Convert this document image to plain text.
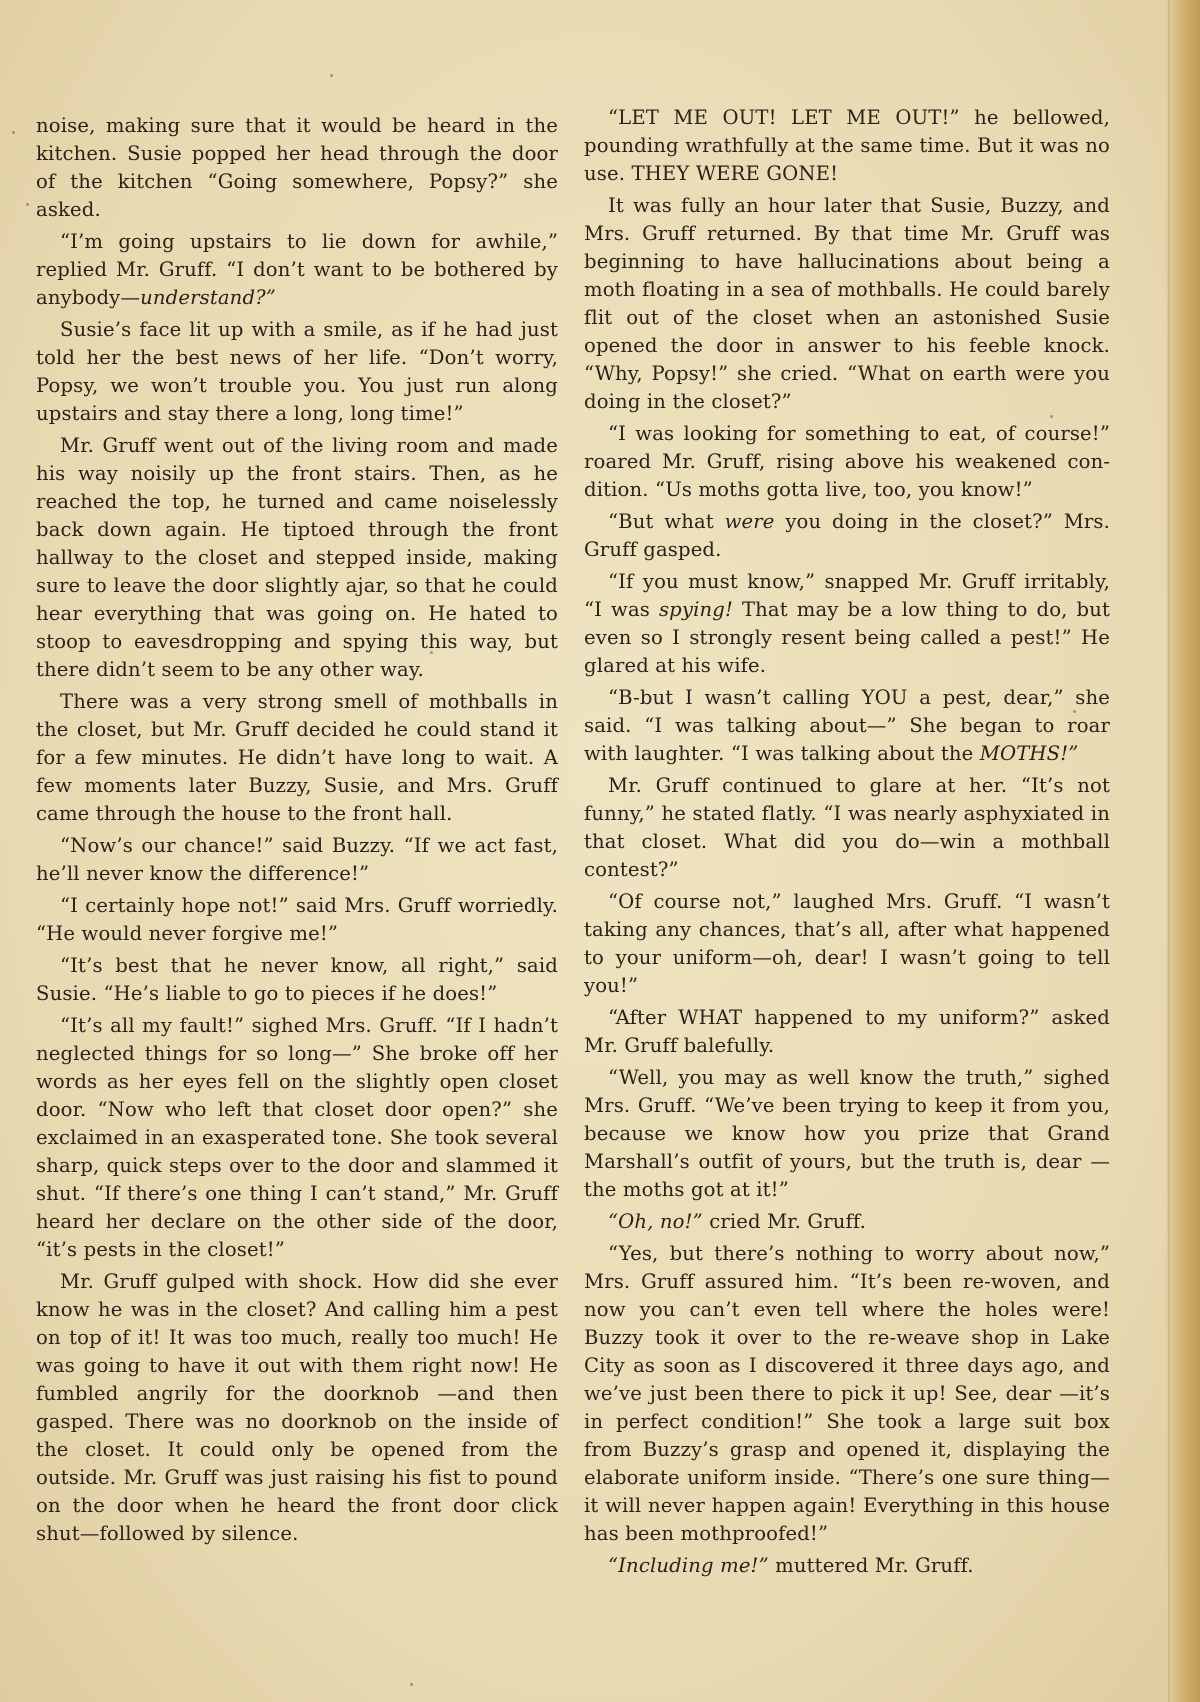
noise, making sure that it would be heard in the kitchen. Susie popped her head through the door of the kitchen “Going somewhere, Popsy?” she asked.

“I’m going upstairs to lie down for awhile,” replied Mr. Gruff. “I don’t want to be bothered by anybody—understand?”

Susie’s face lit up with a smile, as if he had just told her the best news of her life. “Don’t worry, Popsy, we won’t trouble you. You just run along upstairs and stay there a long, long time!”

Mr. Gruff went out of the living room and made his way noisily up the front stairs. Then, as he reached the top, he turned and came noiselessly back down again. He tiptoed through the front hallway to the closet and stepped inside, making sure to leave the door slightly ajar, so that he could hear everything that was going on. He hated to stoop to eavesdropping and spying this way, but there didn’t seem to be any other way.

There was a very strong smell of mothballs in the closet, but Mr. Gruff decided he could stand it for a few minutes. He didn’t have long to wait. A few moments later Buzzy, Susie, and Mrs. Gruff came through the house to the front hall.

“Now’s our chance!” said Buzzy. “If we act fast, he’ll never know the difference!”

“I certainly hope not!” said Mrs. Gruff worriedly. “He would never forgive me!”

“It’s best that he never know, all right,” said Susie. “He’s liable to go to pieces if he does!”

“It’s all my fault!” sighed Mrs. Gruff. “If I hadn’t neglected things for so long—” She broke off her words as her eyes fell on the slightly open closet door. “Now who left that closet door open?” she exclaimed in an exasperated tone. She took several sharp, quick steps over to the door and slammed it shut. “If there’s one thing I can’t stand,” Mr. Gruff heard her declare on the other side of the door, “it’s pests in the closet!”

Mr. Gruff gulped with shock. How did she ever know he was in the closet? And calling him a pest on top of it! It was too much, really too much! He was going to have it out with them right now! He fumbled angrily for the doorknob —and then gasped. There was no doorknob on the inside of the closet. It could only be opened from the outside. Mr. Gruff was just raising his fist to pound on the door when he heard the front door click shut—followed by silence.

“LET ME OUT! LET ME OUT!” he bellowed, pounding wrathfully at the same time. But it was no use. THEY WERE GONE!

It was fully an hour later that Susie, Buzzy, and Mrs. Gruff returned. By that time Mr. Gruff was beginning to have hallucinations about being a moth floating in a sea of mothballs. He could barely flit out of the closet when an astonished Susie opened the door in answer to his feeble knock. “Why, Popsy!” she cried. “What on earth were you doing in the closet?”

“I was looking for something to eat, of course!” roared Mr. Gruff, rising above his weakened condition. “Us moths gotta live, too, you know!”

“But what were you doing in the closet?” Mrs. Gruff gasped.

“If you must know,” snapped Mr. Gruff irritably, “I was spying! That may be a low thing to do, but even so I strongly resent being called a pest!” He glared at his wife.

“B-but I wasn’t calling YOU a pest, dear,” she said. “I was talking about—” She began to roar with laughter. “I was talking about the MOTHS!”

Mr. Gruff continued to glare at her. “It’s not funny,” he stated flatly. “I was nearly asphyxiated in that closet. What did you do—win a mothball contest?”

“Of course not,” laughed Mrs. Gruff. “I wasn’t taking any chances, that’s all, after what happened to your uniform—oh, dear! I wasn’t going to tell you!”

“After WHAT happened to my uniform?” asked Mr. Gruff balefully.

“Well, you may as well know the truth,” sighed Mrs. Gruff. “We’ve been trying to keep it from you, because we know how you prize that Grand Marshall’s outfit of yours, but the truth is, dear —the moths got at it!”

“Oh, no!” cried Mr. Gruff.

“Yes, but there’s nothing to worry about now,” Mrs. Gruff assured him. “It’s been re-woven, and now you can’t even tell where the holes were! Buzzy took it over to the re-weave shop in Lake City as soon as I discovered it three days ago, and we’ve just been there to pick it up! See, dear —it’s in perfect condition!” She took a large suit box from Buzzy’s grasp and opened it, displaying the elaborate uniform inside. “There’s one sure thing—it will never happen again! Everything in this house has been mothproofed!”

“Including me!” muttered Mr. Gruff.
